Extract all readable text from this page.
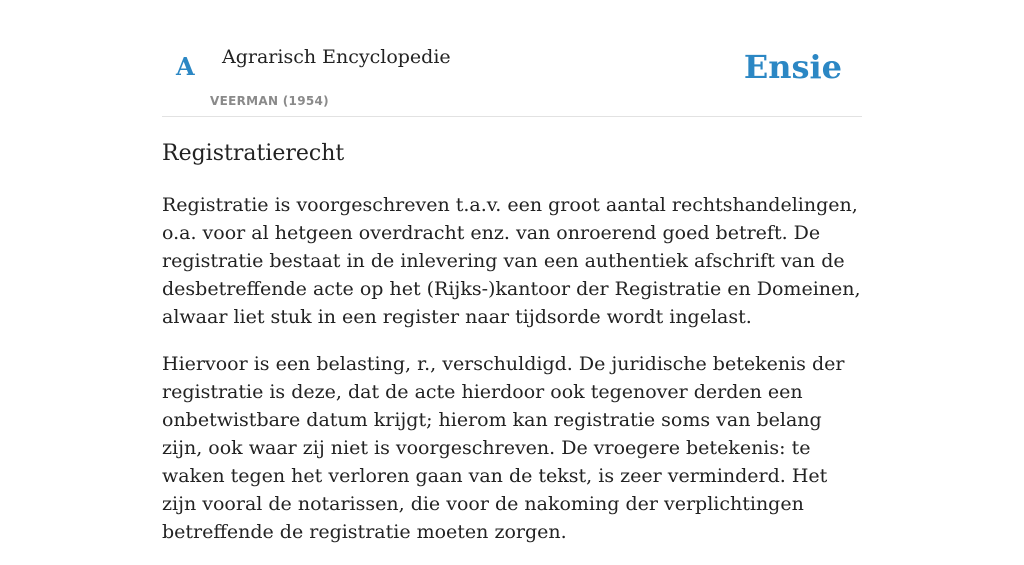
A Agrarisch Encyclopedie
VEERMAN (1954)
Ensie
Registratierecht

Registratie is voorgeschreven t.a.v. een groot aantal rechtshandelingen, o.a. voor al hetgeen overdracht enz. van onroerend goed betreft. De registratie bestaat in de inlevering van een authentiek afschrift van de desbetreffende acte op het (Rijks-)kantoor der Registratie en Domeinen, alwaar liet stuk in een register naar tijdsorde wordt ingelast.

Hiervoor is een belasting, r., verschuldigd. De juridische betekenis der registratie is deze, dat de acte hierdoor ook tegenover derden een onbetwistbare datum krijgt; hierom kan registratie soms van belang zijn, ook waar zij niet is voorgeschreven. De vroegere betekenis: te waken tegen het verloren gaan van de tekst, is zeer verminderd. Het zijn vooral de notarissen, die voor de nakoming der verplichtingen betreffende de registratie moeten zorgen.
